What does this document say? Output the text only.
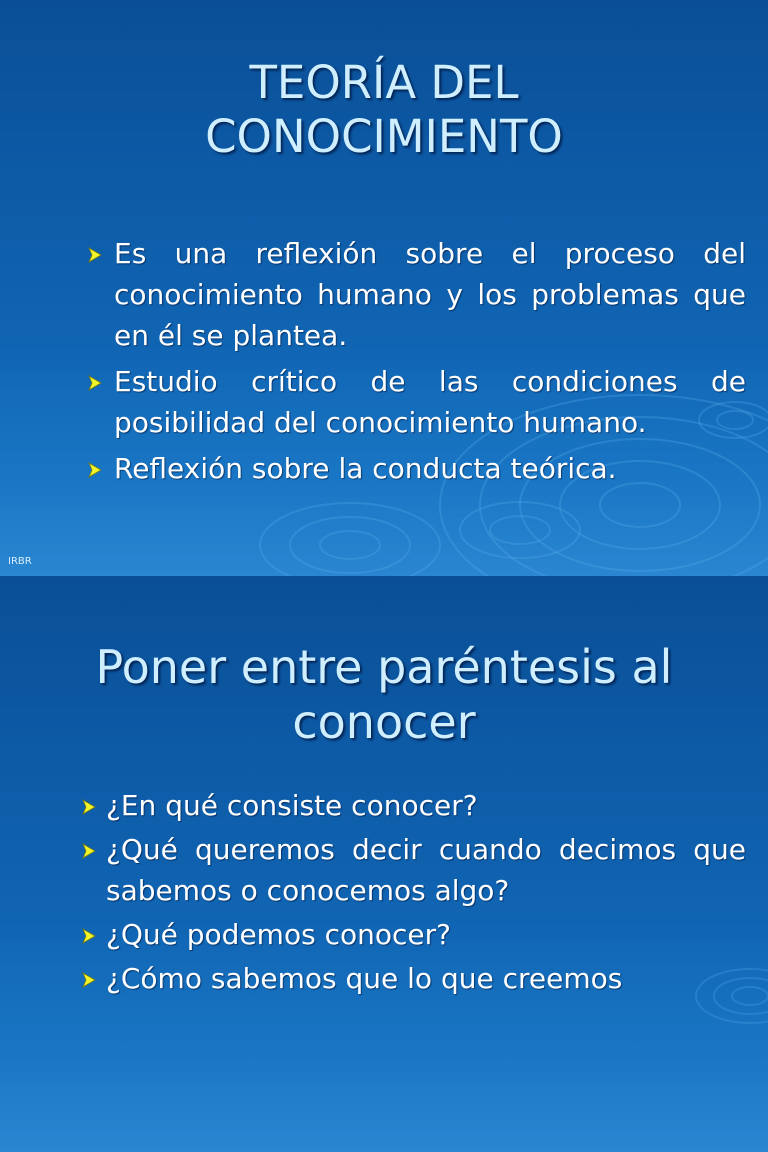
TEORÍA DEL
CONOCIMIENTO
Es una reflexión sobre el proceso del conocimiento humano y los problemas que en él se plantea.
Estudio crítico de las condiciones de posibilidad del conocimiento humano.
Reflexión sobre la conducta teórica.
IRBR
Poner entre paréntesis al
conocer
¿En qué consiste conocer?
¿Qué queremos decir cuando decimos que sabemos o conocemos algo?
¿Qué podemos conocer?
¿Cómo sabemos que lo que creemos
